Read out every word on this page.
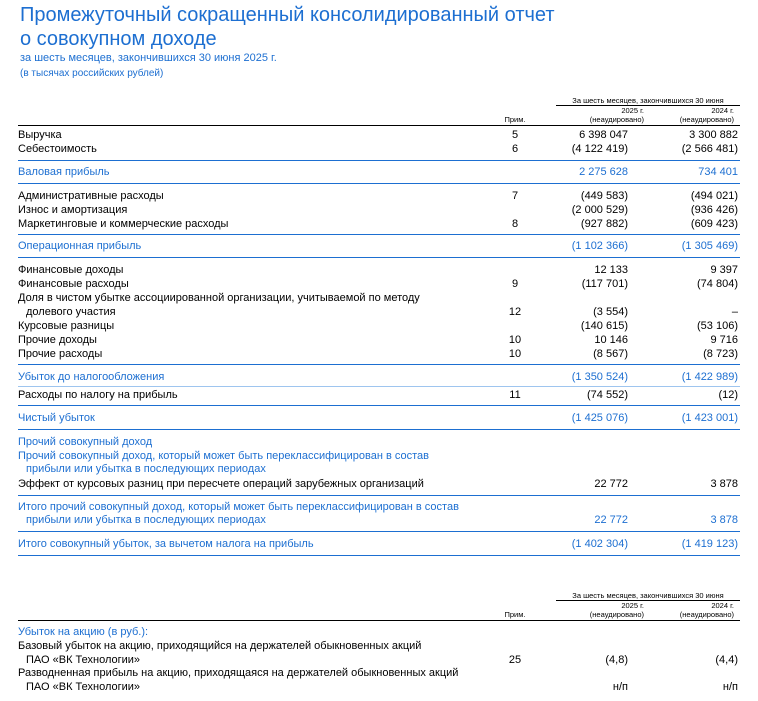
Промежуточный сокращенный консолидированный отчет
о совокупном доходе
за шесть месяцев, закончившихся 30 июня 2025 г.
(в тысячах российских рублей)
За шесть месяцев, закончившихся 30 июня
Прим.
2025 г.
(неаудировано)
2024 г.
(неаудировано)
Выручка	5	6 398 047	3 300 882
Себестоимость	6	(4 122 419)	(2 566 481)
Валовая прибыль	2 275 628	734 401
Административные расходы	7	(449 583)	(494 021)
Износ и амортизация	(2 000 529)	(936 426)
Маркетинговые и коммерческие расходы	8	(927 882)	(609 423)
Операционная прибыль	(1 102 366)	(1 305 469)
Финансовые доходы	12 133	9 397
Финансовые расходы	9	(117 701)	(74 804)
Доля в чистом убытке ассоциированной организации, учитываемой по методу
долевого участия	12	(3 554)	–
Курсовые разницы	(140 615)	(53 106)
Прочие доходы	10	10 146	9 716
Прочие расходы	10	(8 567)	(8 723)
Убыток до налогообложения	(1 350 524)	(1 422 989)
Расходы по налогу на прибыль	11	(74 552)	(12)
Чистый убыток	(1 425 076)	(1 423 001)
Прочий совокупный доход
Прочий совокупный доход, который может быть переклассифицирован в состав
прибыли или убытка в последующих периодах
Эффект от курсовых разниц при пересчете операций зарубежных организаций	22 772	3 878
Итого прочий совокупный доход, который может быть переклассифицирован в состав
прибыли или убытка в последующих периодах	22 772	3 878
Итого совокупный убыток, за вычетом налога на прибыль	(1 402 304)	(1 419 123)
За шесть месяцев, закончившихся 30 июня
Прим.
2025 г.
(неаудировано)
2024 г.
(неаудировано)
Убыток на акцию (в руб.):
Базовый убыток на акцию, приходящийся на держателей обыкновенных акций
ПАО «ВК Технологии»	25	(4,8)	(4,4)
Разводненная прибыль на акцию, приходящаяся на держателей обыкновенных акций
ПАО «ВК Технологии»	н/п	н/п
